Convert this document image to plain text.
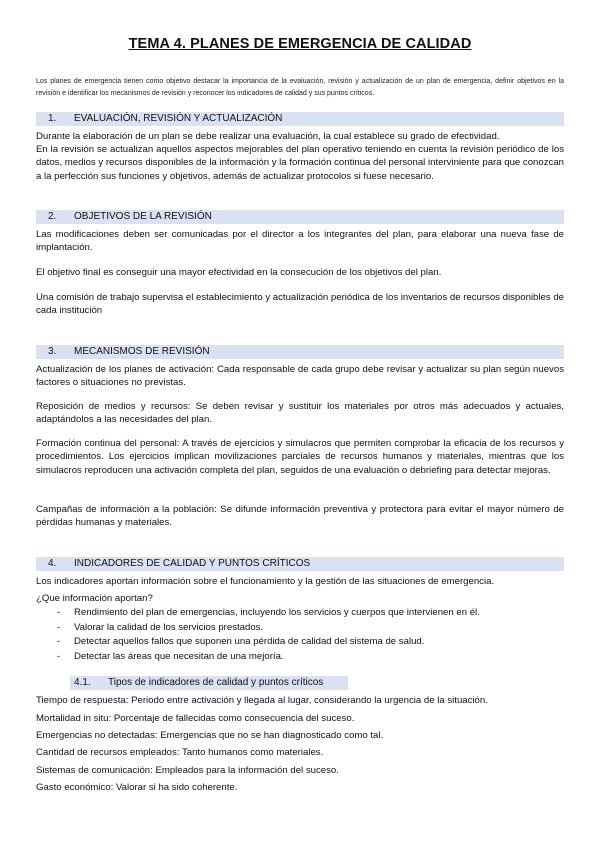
TEMA 4. PLANES DE EMERGENCIA DE CALIDAD
Los planes de emergencia tienen como objetivo destacar la importancia de la evaluación, revisión y actualización de un plan de emergencia, definir objetivos en la revisión e identificar los mecanismos de revisión y reconocer los indicadores de calidad y sus puntos críticos.
1. EVALUACIÓN, REVISIÓN Y ACTUALIZACIÓN

Durante la elaboración de un plan se debe realizar una evaluación, la cual establece su grado de efectividad.

En la revisión se actualizan aquellos aspectos mejorables del plan operativo teniendo en cuenta la revisión periódico de los datos, medios y recursos disponibles de la información y la formación continua del personal interviniente para que conozcan a la perfección sus funciones y objetivos, además de actualizar protocolos si fuese necesario.

2. OBJETIVOS DE LA REVISIÓN

Las modificaciones deben ser comunicadas por el director a los integrantes del plan, para elaborar una nueva fase de implantación.

El objetivo final es conseguir una mayor efectividad en la consecución de los objetivos del plan.

Una comisión de trabajo supervisa el establecimiento y actualización periódica de los inventarios de recursos disponibles de cada institución

3. MECANISMOS DE REVISIÓN

Actualización de los planes de activación: Cada responsable de cada grupo debe revisar y actualizar su plan según nuevos factores o situaciones no previstas.

Reposición de medios y recursos: Se deben revisar y sustituir los materiales por otros más adecuados y actuales, adaptándolos a las necesidades del plan.

Formación continua del personal: A través de ejercicios y simulacros que permiten comprobar la eficacia de los recursos y procedimientos. Los ejercicios implican movilizaciones parciales de recursos humanos y materiales, mientras que los simulacros reproducen una activación completa del plan, seguidos de una evaluación o debriefing para detectar mejoras.

Campañas de información a la población: Se difunde información preventiva y protectora para evitar el mayor número de pérdidas humanas y materiales.

4. INDICADORES DE CALIDAD Y PUNTOS CRÍTICOS

Los indicadores aportan información sobre el funcionamiento y la gestión de las situaciones de emergencia.

¿Que información aportan?

- Rendimiento del plan de emergencias, incluyendo los servicios y cuerpos que intervienen en él.
- Valorar la calidad de los servicios prestados.
- Detectar aquellos fallos que suponen una pérdida de calidad del sistema de salud.
- Detectar las áreas que necesitan de una mejoría.
4.1. Tipos de indicadores de calidad y puntos críticos

Tiempo de respuesta: Periodo entre activación y llegada al lugar, considerando la urgencia de la situación.

Mortalidad in situ: Porcentaje de fallecidas como consecuencia del suceso.

Emergencias no detectadas: Emergencias que no se han diagnosticado como tal.

Cantidad de recursos empleados: Tanto humanos como materiales.

Sistemas de comunicación: Empleados para la información del suceso.

Gasto económico: Valorar si ha sido coherente.
